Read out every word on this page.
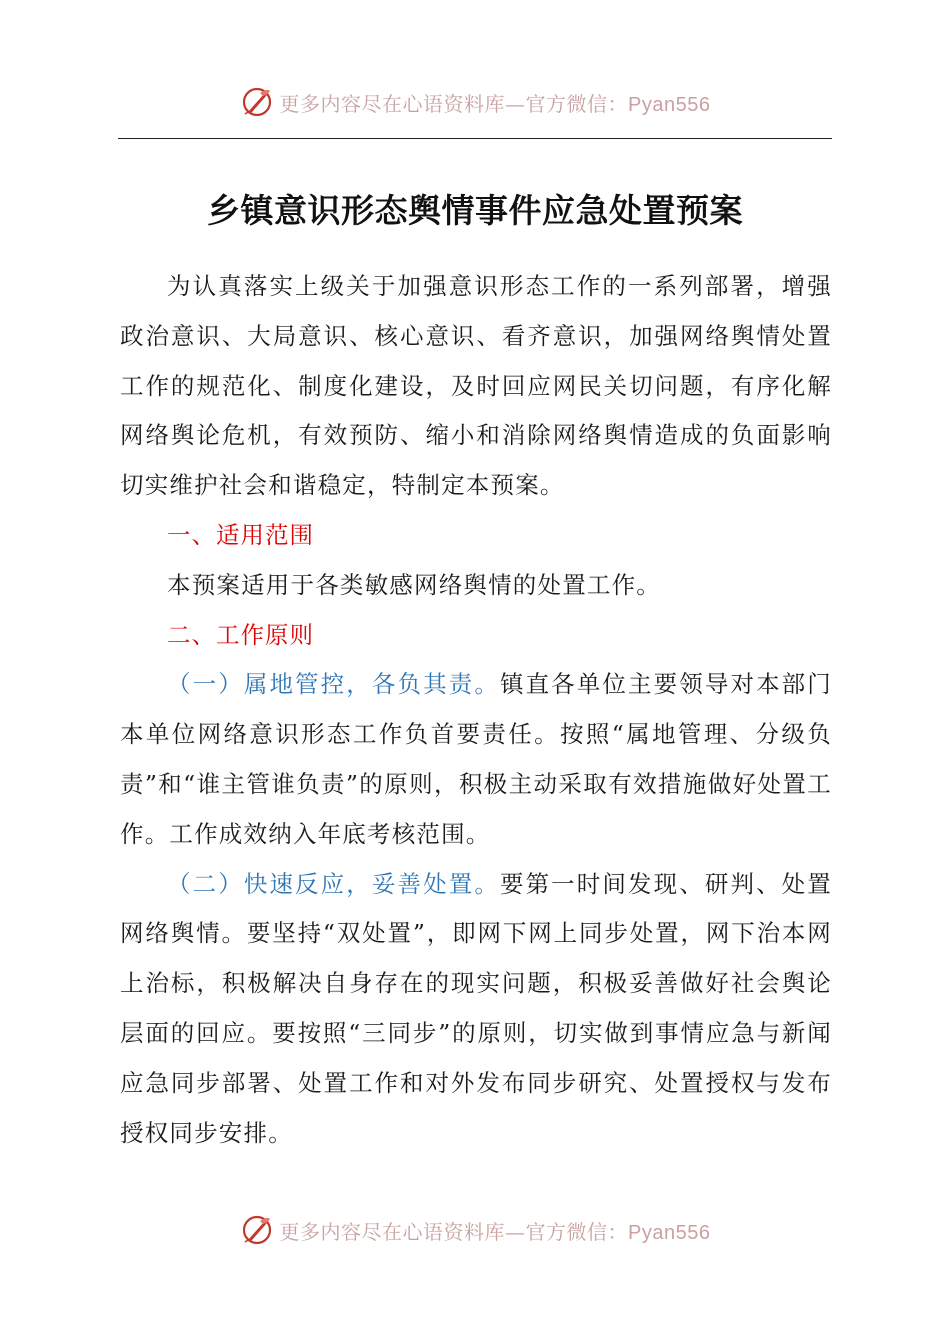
更多内容尽在心语资料库—官方微信：Pyan556
乡镇意识形态舆情事件应急处置预案

为认真落实上级关于加强意识形态工作的一系列部署，增强政治意识、大局意识、核心意识、看齐意识，加强网络舆情处置工作的规范化、制度化建设，及时回应网民关切问题，有序化解网络舆论危机，有效预防、缩小和消除网络舆情造成的负面影响切实维护社会和谐稳定，特制定本预案。

一、适用范围

本预案适用于各类敏感网络舆情的处置工作。

二、工作原则

（一）属地管控，各负其责。镇直各单位主要领导对本部门本单位网络意识形态工作负首要责任。按照“属地管理、分级负责”和“谁主管谁负责”的原则，积极主动采取有效措施做好处置工作。工作成效纳入年底考核范围。

（二）快速反应，妥善处置。要第一时间发现、研判、处置网络舆情。要坚持“双处置”，即网下网上同步处置，网下治本网上治标，积极解决自身存在的现实问题，积极妥善做好社会舆论层面的回应。要按照“三同步”的原则，切实做到事情应急与新闻应急同步部署、处置工作和对外发布同步研究、处置授权与发布授权同步安排。

更多内容尽在心语资料库—官方微信：Pyan556
